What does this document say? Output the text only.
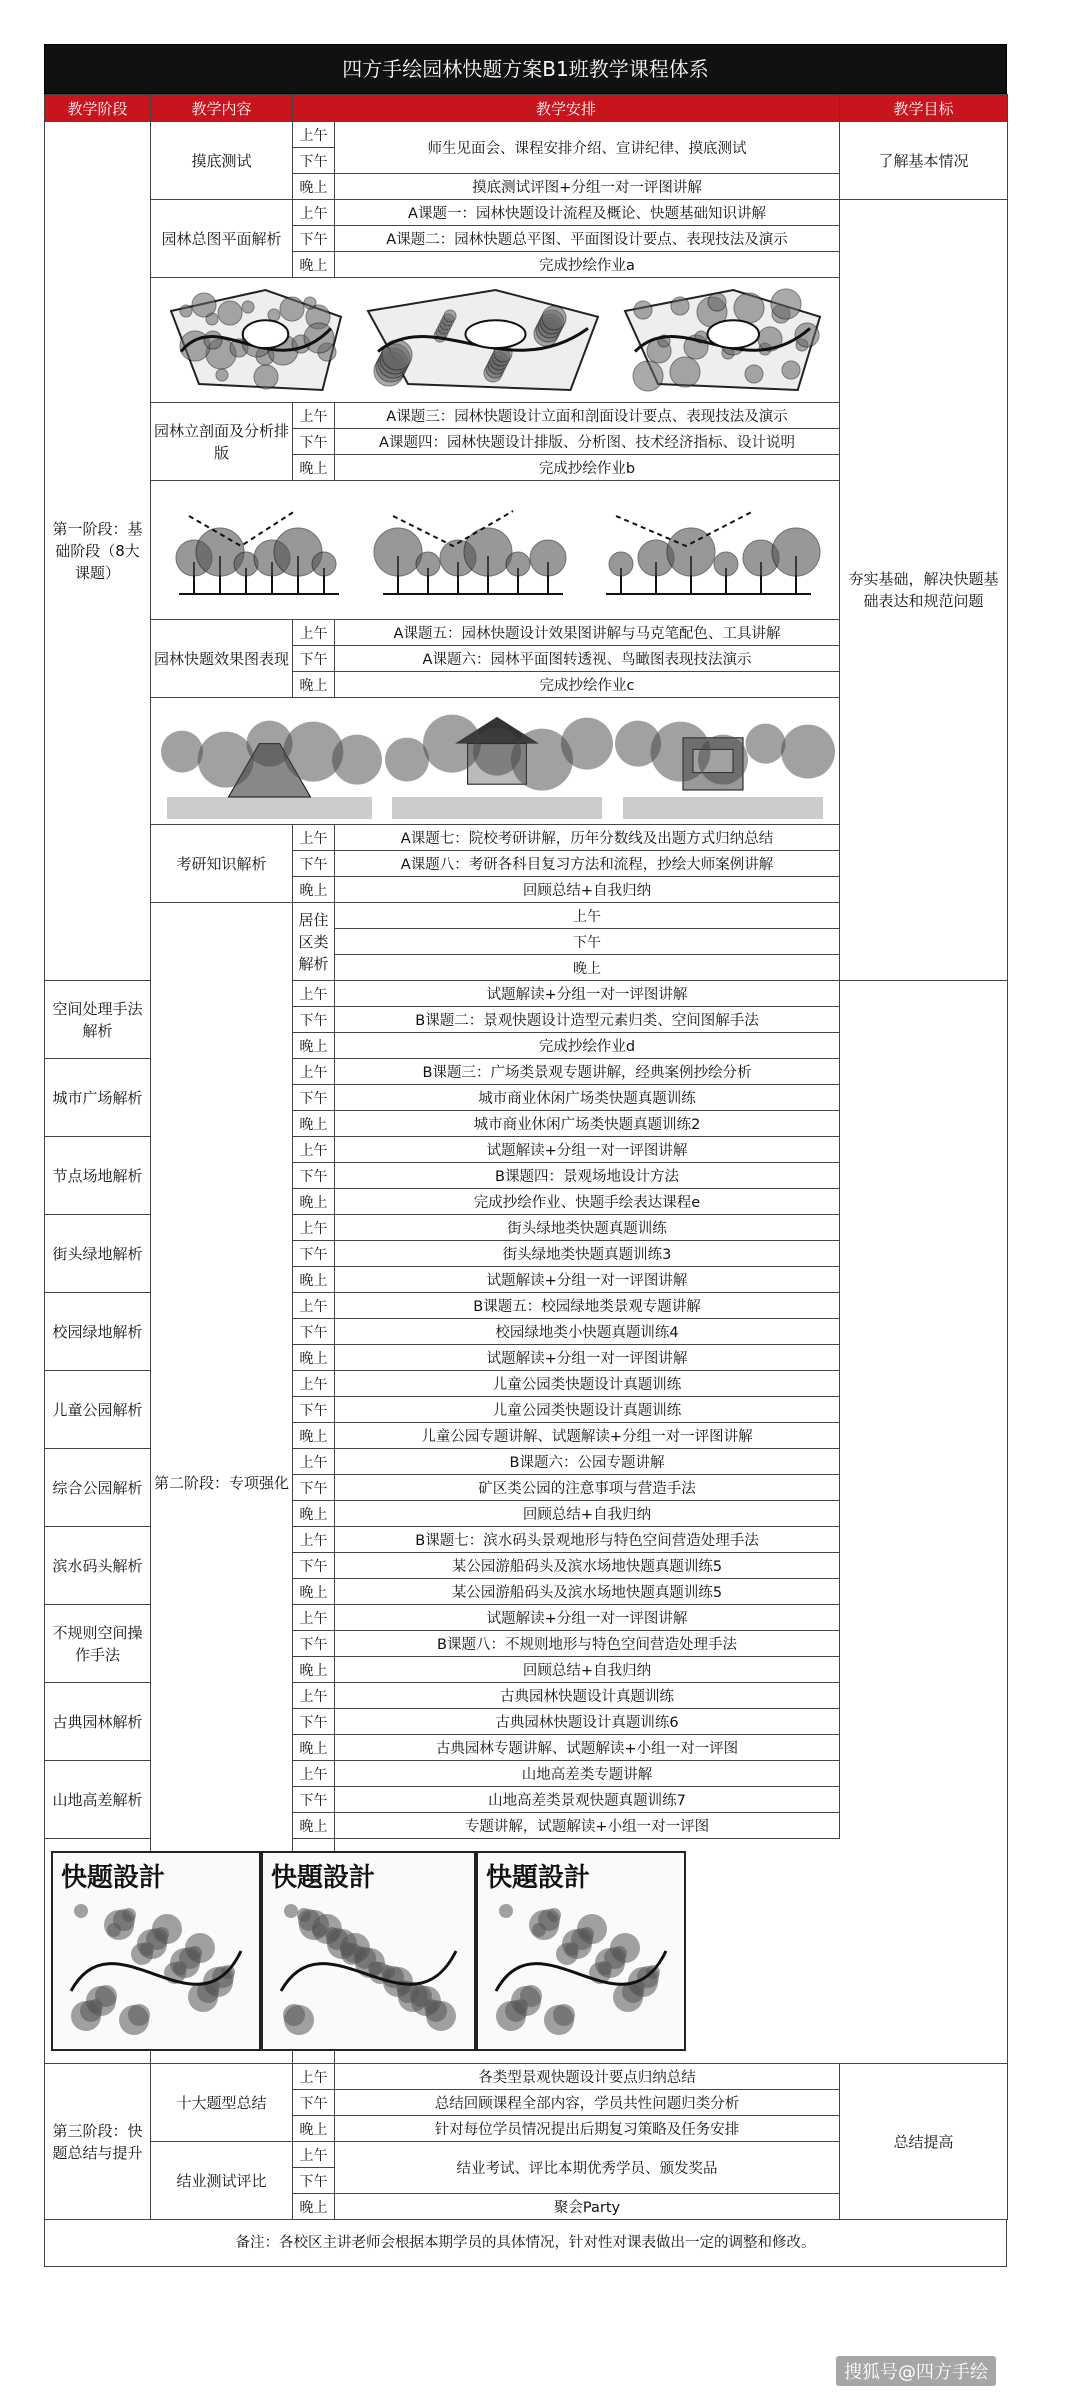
四方手绘园林快题方案B1班教学课程体系
教学阶段	教学内容	教学安排		教学目标	
第一阶段：基础阶段（8大课题）	摸底测试	上午	师生见面会、课程安排介绍、宣讲纪律、摸底测试	了解基本情况	
		下午			
		晚上	摸底测试评图+分组一对一评图讲解		
	园林总图平面解析	上午	A课题一：园林快题设计流程及概论、快题基础知识讲解	夯实基础，解决快题基础表达和规范问题	
		下午	A课题二：园林快题总平图、平面图设计要点、表现技法及演示		
		晚上	完成抄绘作业a		

	园林立剖面及分析排版	上午	A课题三：园林快题设计立面和剖面设计要点、表现技法及演示		
		下午	A课题四：园林快题设计排版、分析图、技术经济指标、设计说明		
		晚上	完成抄绘作业b		

	园林快题效果图表现	上午	A课题五：园林快题设计效果图讲解与马克笔配色、工具讲解		
		下午	A课题六：园林平面图转透视、鸟瞰图表现技法演示		
		晚上	完成抄绘作业c		

	考研知识解析	上午	A课题七：院校考研讲解，历年分数线及出题方式归纳总结		
		下午	A课题八：考研各科目复习方法和流程，抄绘大师案例讲解		
		晚上	回顾总结+自我归纳		
	第二阶段：专项强化	居住区类解析	上午		
			下午	
			晚上	
空间处理手法解析		上午	试题解读+分组一对一评图讲解		
		下午	B课题二：景观快题设计造型元素归类、空间图解手法		
		晚上	完成抄绘作业d		
城市广场解析		上午	B课题三：广场类景观专题讲解，经典案例抄绘分析		
		下午	城市商业休闲广场类快题真题训练		
		晚上	城市商业休闲广场类快题真题训练2		
节点场地解析		上午	试题解读+分组一对一评图讲解		
		下午	B课题四：景观场地设计方法		
		晚上	完成抄绘作业、快题手绘表达课程e		
街头绿地解析		上午	街头绿地类快题真题训练		
		下午	街头绿地类快题真题训练3		
		晚上	试题解读+分组一对一评图讲解		
校园绿地解析		上午	B课题五：校园绿地类景观专题讲解		
		下午	校园绿地类小快题真题训练4		
		晚上	试题解读+分组一对一评图讲解		
儿童公园解析		上午	儿童公园类快题设计真题训练		
		下午	儿童公园类快题设计真题训练		
		晚上	儿童公园专题讲解、试题解读+分组一对一评图讲解		
综合公园解析		上午	B课题六：公园专题讲解		
		下午	矿区类公园的注意事项与营造手法		
		晚上	回顾总结+自我归纳		
滨水码头解析		上午	B课题七：滨水码头景观地形与特色空间营造处理手法		
		下午	某公园游船码头及滨水场地快题真题训练5		
		晚上	某公园游船码头及滨水场地快题真题训练5		
不规则空间操作手法		上午	试题解读+分组一对一评图讲解		
		下午	B课题八：不规则地形与特色空间营造处理手法		
		晚上	回顾总结+自我归纳		
古典园林解析		上午	古典园林快题设计真题训练		
		下午	古典园林快题设计真题训练6		
		晚上	古典园林专题讲解、试题解读+小组一对一评图		
山地高差解析		上午	山地高差类专题讲解		
		下午	山地高差类景观快题真题训练7		
		晚上	专题讲解，试题解读+小组一对一评图		

快题設計 快題設計 快題設計					

第三阶段：快题总结与提升	十大题型总结	上午	各类型景观快题设计要点归纳总结	总结提高	
		下午	总结回顾课程全部内容，学员共性问题归类分析		
		晚上	针对每位学员情况提出后期复习策略及任务安排		
	结业测试评比	上午	结业考试、评比本期优秀学员、颁发奖品		
		下午			
		晚上	聚会Party		
备注：各校区主讲老师会根据本期学员的具体情况，针对性对课表做出一定的调整和修改。
搜狐号@四方手绘
